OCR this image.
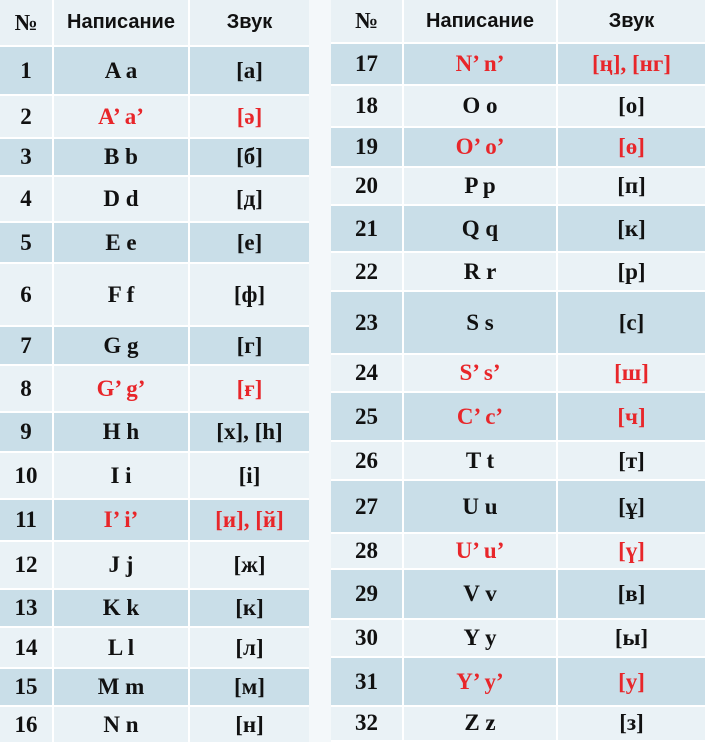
№	Написание	Звук
1	A a	[а]
2	A’ a’	[ә]
3	B b	[б]
4	D d	[д]
5	E e	[е]
6	F f	[ф]
7	G g	[г]
8	G’ g’	[ғ]
9	H h	[х], [h]
10	I i	[і]
11	I’ i’	[и], [й]
12	J j	[ж]
13	K k	[к]
14	L l	[л]
15	M m	[м]
16	N n	[н]
№	Написание	Звук
17	N’ n’	[ң], [нг]
18	O o	[о]
19	O’ o’	[ө]
20	P p	[п]
21	Q q	[к]
22	R r	[р]
23	S s	[с]
24	S’ s’	[ш]
25	C’ c’	[ч]
26	T t	[т]
27	U u	[ұ]
28	U’ u’	[ү]
29	V v	[в]
30	Y y	[ы]
31	Y’ y’	[у]
32	Z z	[з]
